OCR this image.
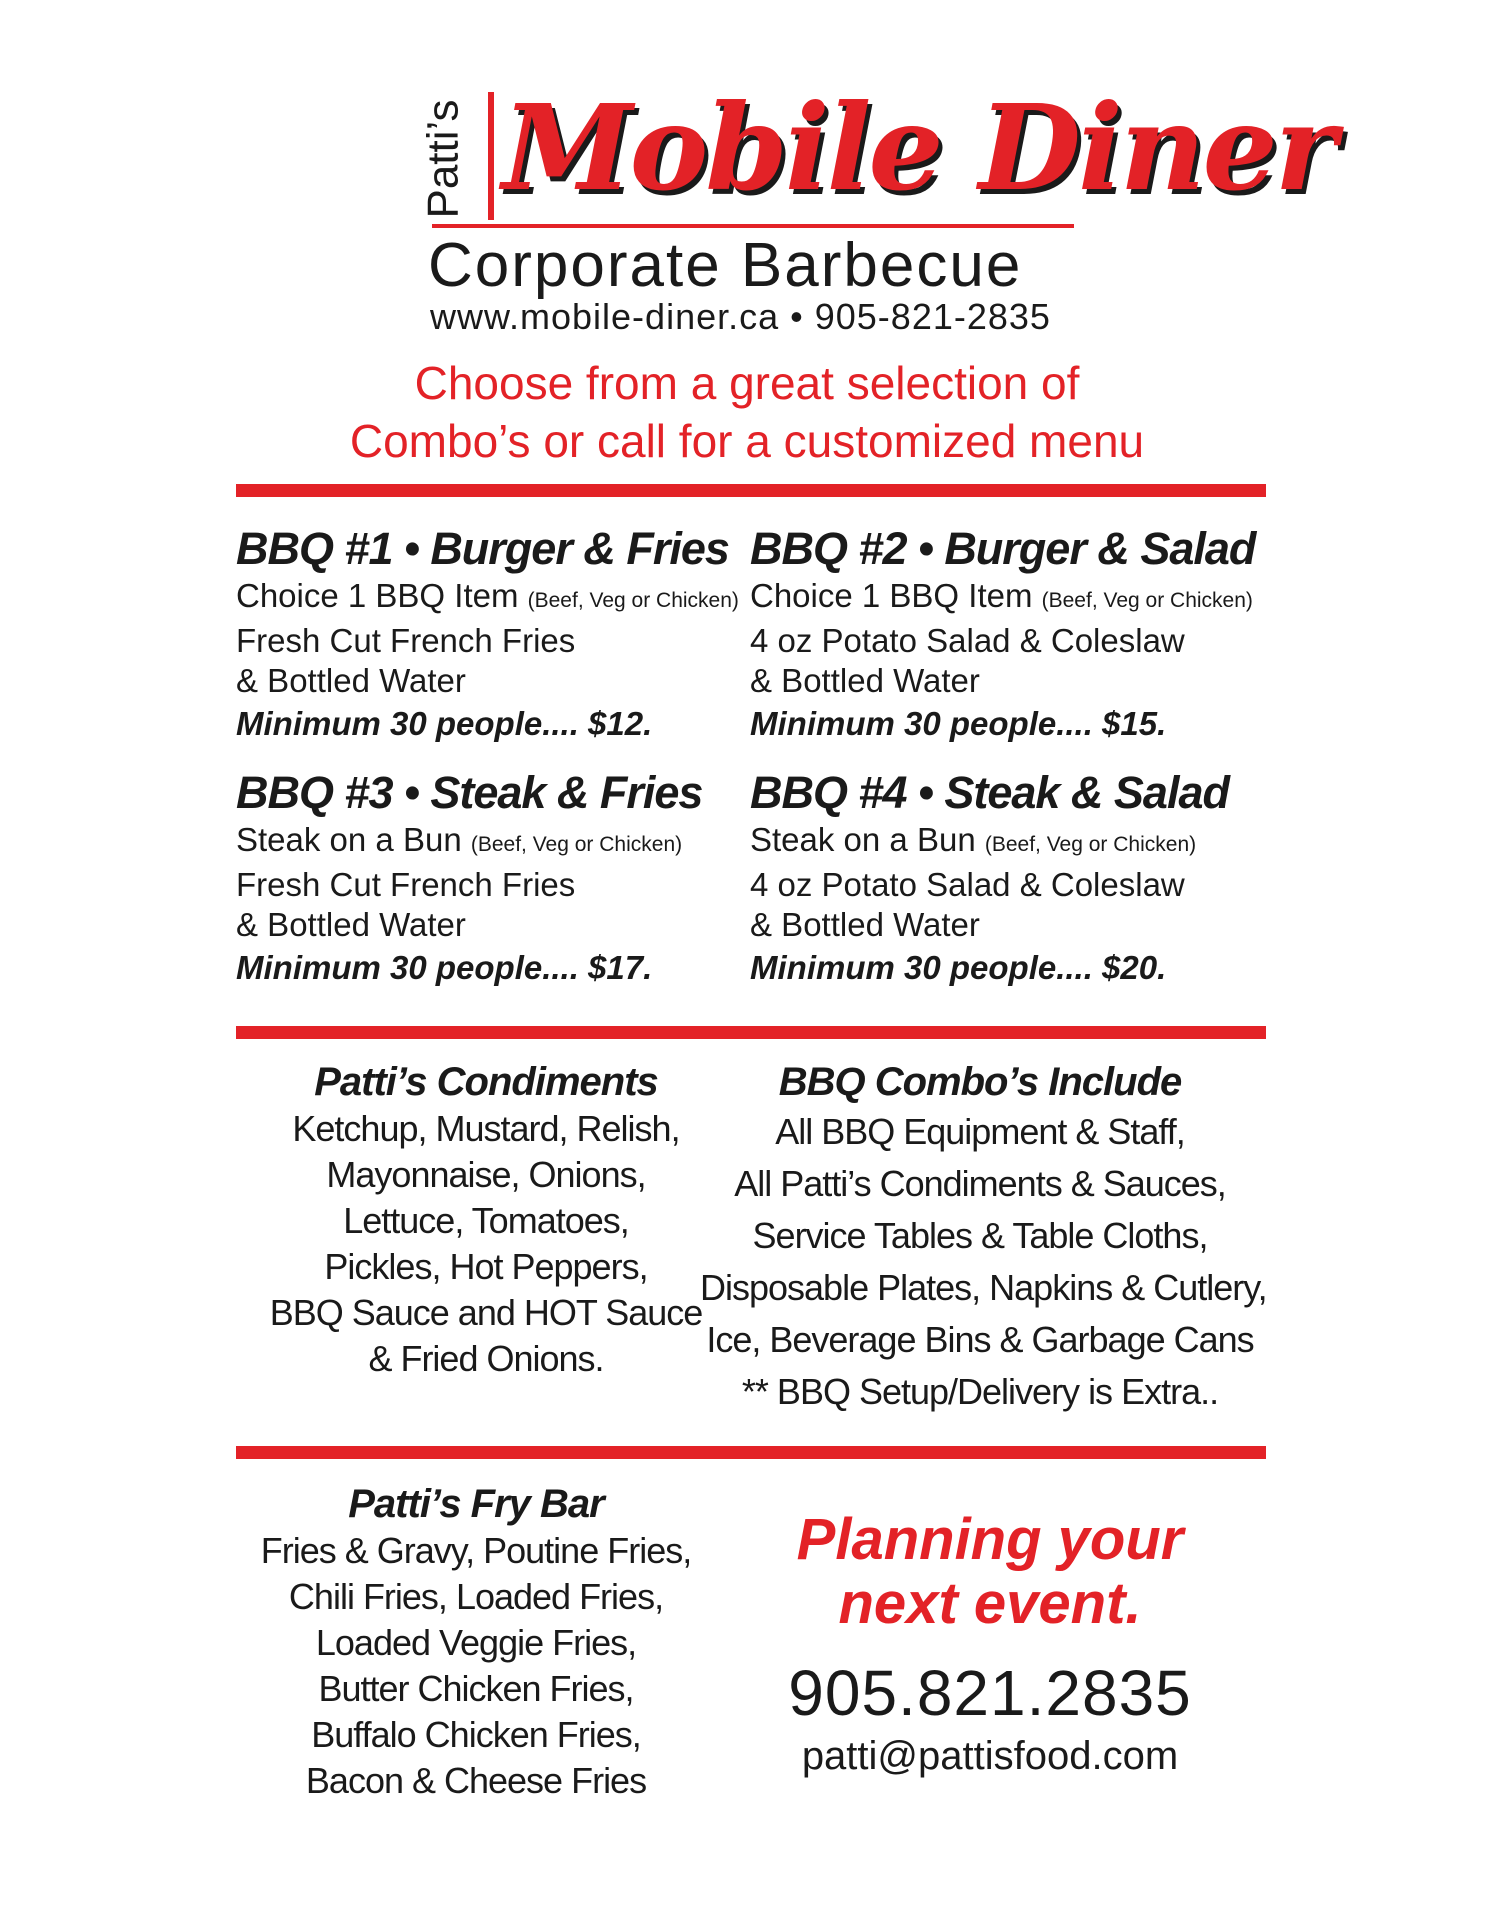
Patti’s Mobile Diner
Corporate Barbecue
www.mobile-diner.ca • 905-821-2835
Choose from a great selection of
Combo’s or call for a customized menu
BBQ #1 • Burger & Fries
Choice 1 BBQ Item (Beef, Veg or Chicken)
Fresh Cut French Fries
& Bottled Water
Minimum 30 people.... $12.
BBQ #2 • Burger & Salad
Choice 1 BBQ Item (Beef, Veg or Chicken)
4 oz Potato Salad & Coleslaw
& Bottled Water
Minimum 30 people.... $15.
BBQ #3 • Steak & Fries
Steak on a Bun (Beef, Veg or Chicken)
Fresh Cut French Fries
& Bottled Water
Minimum 30 people.... $17.
BBQ #4 • Steak & Salad
Steak on a Bun (Beef, Veg or Chicken)
4 oz Potato Salad & Coleslaw
& Bottled Water
Minimum 30 people.... $20.
Patti’s Condiments
Ketchup, Mustard, Relish,
Mayonnaise, Onions,
Lettuce, Tomatoes,
Pickles, Hot Peppers,
BBQ Sauce and HOT Sauce
& Fried Onions.
BBQ Combo’s Include
All BBQ Equipment & Staff,
All Patti’s Condiments & Sauces,
Service Tables & Table Cloths,
Disposable Plates, Napkins & Cutlery,
Ice, Beverage Bins & Garbage Cans
** BBQ Setup/Delivery is Extra..
Patti’s Fry Bar
Fries & Gravy, Poutine Fries,
Chili Fries, Loaded Fries,
Loaded Veggie Fries,
Butter Chicken Fries,
Buffalo Chicken Fries,
Bacon & Cheese Fries
Planning your
next event.
905.821.2835
patti@pattisfood.com
